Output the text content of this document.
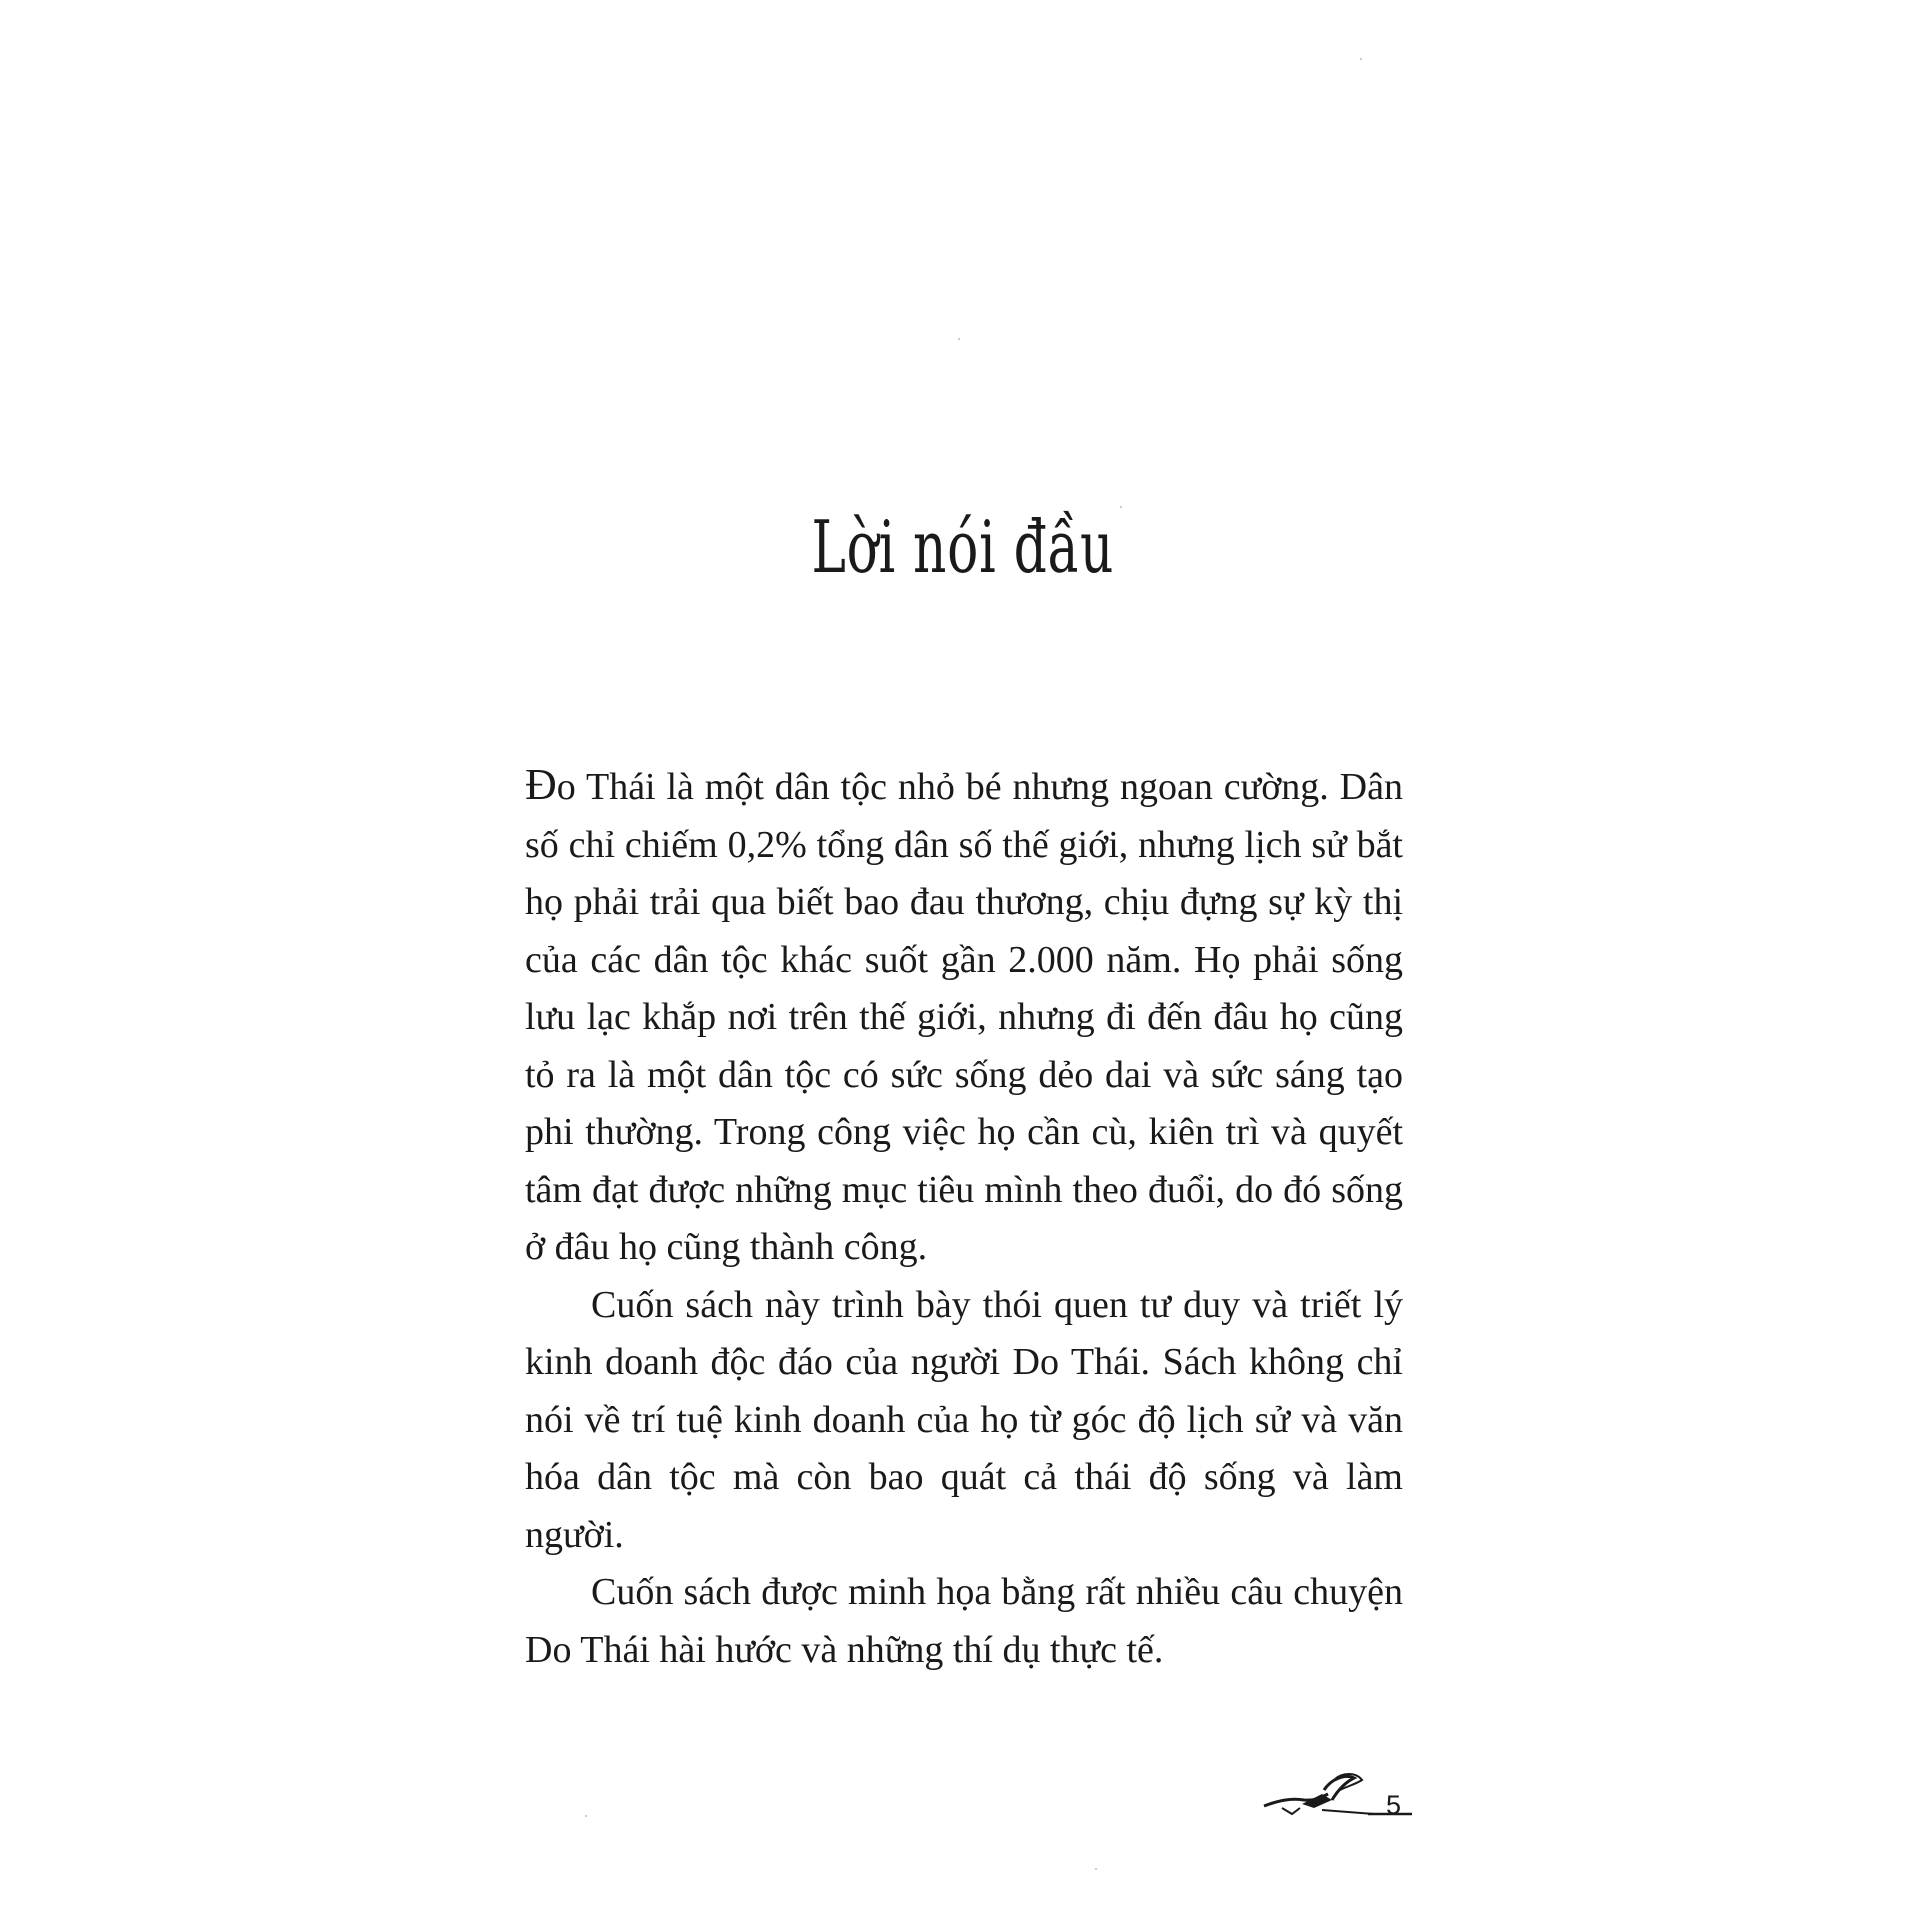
Lời nói đầu

Đo Thái là một dân tộc nhỏ bé nhưng ngoan cường. Dân số chỉ chiếm 0,2% tổng dân số thế giới, nhưng lịch sử bắt họ phải trải qua biết bao đau thương, chịu đựng sự kỳ thị của các dân tộc khác suốt gần 2.000 năm. Họ phải sống lưu lạc khắp nơi trên thế giới, nhưng đi đến đâu họ cũng tỏ ra là một dân tộc có sức sống dẻo dai và sức sáng tạo phi thường. Trong công việc họ cần cù, kiên trì và quyết tâm đạt được những mục tiêu mình theo đuổi, do đó sống ở đâu họ cũng thành công.

Cuốn sách này trình bày thói quen tư duy và triết lý kinh doanh độc đáo của người Do Thái. Sách không chỉ nói về trí tuệ kinh doanh của họ từ góc độ lịch sử và văn hóa dân tộc mà còn bao quát cả thái độ sống và làm người.

Cuốn sách được minh họa bằng rất nhiều câu chuyện Do Thái hài hước và những thí dụ thực tế.

5
